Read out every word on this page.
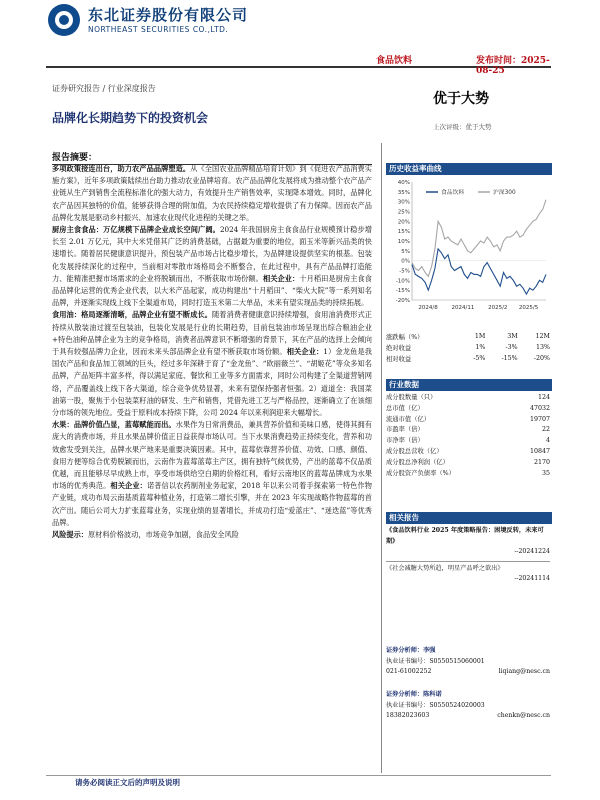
东北证券股份有限公司
NORTHEAST SECURITIES CO.,LTD.
食品饮料	发布时间：2025-08-25
证券研究报告 / 行业深度报告
优于大势
品牌化长期趋势下的投资机会
上次评级：优于大势
报告摘要：

多项政策接连出台，助力农产品品牌塑造。从《全国农业品牌精品培育计划》到《促进农产品消费实施方案》，近年多项政策陆续出台助力推动农业品牌培育。农产品品牌化发展将成为推动整个农产品产业链从生产到销售全流程标准化的强大动力，有效提升生产销售效率，实现降本增效。同时，品牌化农产品因其独特的价值，能够获得合理的附加值，为农民持续稳定增收提供了有力保障。因而农产品品牌化发展是驱动乡村振兴、加速农业现代化进程的关键之举。

厨房主食食品：万亿规模下品牌企业成长空间广阔。2024 年我国厨房主食食品行业规模预计稳步增长至 2.01 万亿元，其中大米凭借其广泛的消费基础，占据最为重要的地位，面玉米等新兴品类的快速增长。随着居民健康意识提升，预包装产品市场占比稳步增长，为品牌建设提供坚实的根基。包装化发展持续深化的过程中，当前相对零散市场格局会不断整合，在此过程中，具有产品品牌打造能力、能精准把握市场需求的企业将脱颖而出，不断获取市场份额。相关企业：十月稻田是厨房主食食品品牌化运营的优秀企业代表，以大米产品起家，成功构建出“十月稻田”、“柴火大院”等一系列知名品牌，并逐渐实现线上线下全渠道布局，同时打造玉米第二大单品，未来有望实现品类的持续拓展。

食用油：格局逐渐清晰，品牌企业有望不断成长。随着消费者健康意识持续增强，食用油消费形式正持续从散装油过渡至包装油，包装化发展是行业的长期趋势，目前包装油市场呈现出综合粮油企业+特色油种品牌企业为主的竞争格局，消费者品牌意识不断增强的背景下，其在产品的选择上会倾向于具有较强品牌力企业，因而未来头部品牌企业有望不断获取市场份额。相关企业：1）金龙鱼是我国农产品和食品加工领域的巨头，经过多年深耕于育了“金龙鱼”、“欧丽薇兰”、“胡姬花”等众多知名品牌，产品矩阵丰富多样，得以满足家庭、餐饮和工业等多方面需求，同时公司构建了全渠道营销网络，产品覆盖线上线下各大渠道，综合竞争优势显著，未来有望保持强者恒强。2）道道全：我国菜油第一股，聚焦于小包装菜籽油的研发、生产和销售，凭借先进工艺与严格品控，逐渐确立了在该细分市场的领先地位。受益于原料成本持续下降，公司 2024 年以来利润迎来大幅增长。

水果：品牌价值凸显，蓝莓赋能而出。水果作为日常消费品，兼具营养价值和美味口感，使得其拥有庞大的消费市场，并且水果品牌价值正日益获得市场认可。当下水果消费趋势正持续变化，营养和功效愈发受到关注，品牌水果产地来是重要决策因素。其中，蓝莓依靠营养价值、功效、口感、颜值、食用方便等综合优势脱颖而出，云南作为蓝莓蓝莓主产区，拥有独特气候优势，产出的蓝莓不仅品质优越，而且能够尽早成熟上市，享受市场供给空白期的价格红利，看好云南地区的蓝莓品牌成为水果市场的优秀典范。相关企业：诺普信以农药制剂业务起家，2018 年以来公司着手探索第一特色作物产业链，成功布局云南基质蓝莓种植业务，打造第二增长引擎，并在 2023 年实现战略作物蓝莓的首次产出。随后公司大力扩张蓝莓业务，实现业绩的显著增长，并成功打造“爱蓝庄”、“迷迭蓝”等优秀品牌。

风险提示：原材料价格波动，市场竞争加剧，食品安全风险

历史收益率曲线
40%
35%
30%
25%
20%
15%
10%
5%
0%
-5%
-10%
-15%
-20%
2024/8 2024/11 2025/2 2025/5
食品饮料	沪深300
涨跌幅（%）	1M	3M	12M
绝对收益	1%	-3%	13%
相对收益	-5%	-15%	-20%
行业数据
成分股数量（只）	124
总市值（亿）	47032
流通市值（亿）	19707
市盈率（倍）	22
市净率（倍）	4
成分股总营收（亿）	10847
成分股总净利润（亿）	2170
成分股资产负债率（%）	35
相关报告
《食品饮料行业 2025 年度策略报告：困境反转，未来可期》
--20241224
《社会减糖大势所趋，明星产品呼之欲出》
--20241114
证券分析师：李强
执业证书编号：S0550515060001
021-61002252	liqiang@nesc.cn
证券分析师：陈科诺
执业证书编号：S0550524020003
18382023603	chenkn@nesc.cn
请务必阅读正文后的声明及说明
